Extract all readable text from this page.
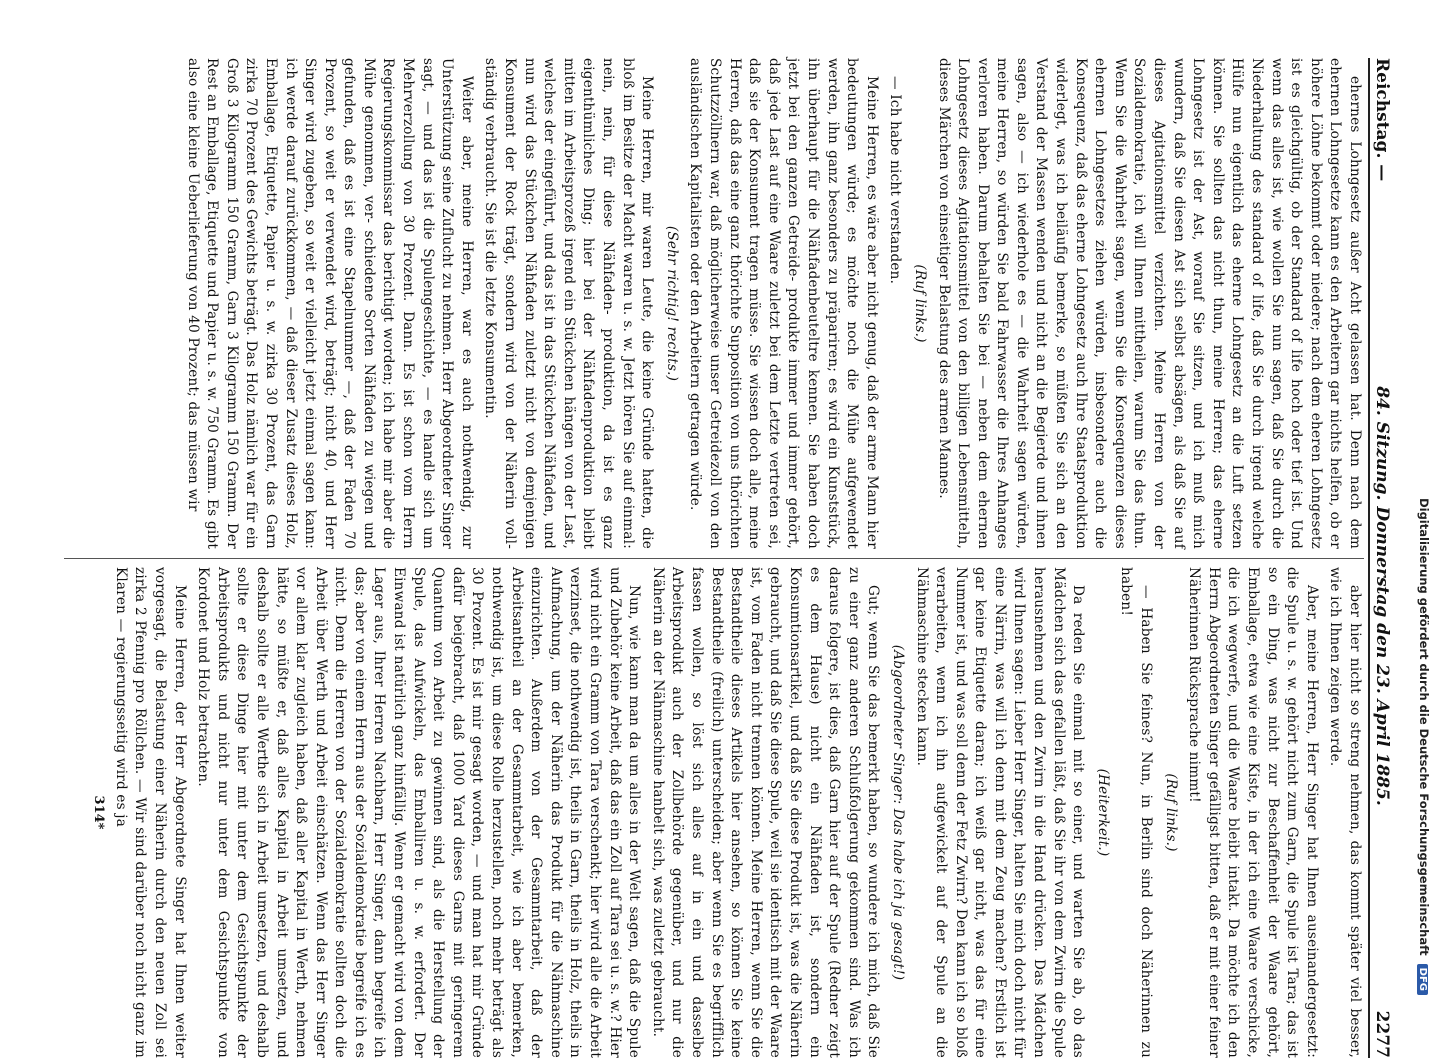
Reichstag. —
84. Sitzung. Donnerstag den 23. April 1885.
2277

ehernes Lohngesetz außer Acht gelassen hat. Denn nach dem ehernen Lohngesetze kann es den Arbeitern gar nichts helfen, ob er höhere Löhne bekommt oder niedere; nach dem eheren Lohngesetz ist es gleichgültig, ob der Standard of life hoch oder tief ist. Und wenn das alles ist, wie wollen Sie nun sagen, daß Sie durch die Niederhaltung des standard of life, daß Sie durch irgend welche Hülfe nun eigentlich das eherne Lohngesetz an die Luft setzen können. Sie sollten das nicht thun, meine Herren; das eherne Lohngesetz ist der Ast, worauf Sie sitzen, und ich muß mich wundern, daß Sie diesen Ast sich selbst absägen, als daß Sie auf dieses Agitationsmittel verzichten. Meine Herren von der Sozialdemokratie, ich will Ihnen mittheilen, warum Sie das thun. Wenn Sie die Wahrheit sagen, wenn Sie die Konsequenzen dieses ehernen Lohngesetzes ziehen würden, insbesondere auch die Konsequenz, daß das eherne Lohngesetz auch Ihre Staatsproduktion widerlegt, was ich beiläufig bemerke, so müßten Sie sich an den Verstand der Massen wenden und nicht an die Begierde und ihnen sagen, also — ich wiederhole es — die Wahrheit sagen würden, meine Herren, so würden Sie bald Fahrwasser die Ihres Anhanges verloren haben. Darum behalten Sie bei — neben dem ehernen Lohngesetz dieses Agitationsmittel von den billigen Lebensmitteln, dieses Märchen von einseitiger Belastung des armen Mannes.

(Ruf links.)

— Ich habe nicht verstanden.

Meine Herren, es wäre aber nicht genug, daß der arme Mann hier bedeutungen würde; es möchte noch die Mühe aufgewendet werden, ihn ganz besonders zu präpariren; es wird ein Kunststück, ihn überhaupt für die Nähfadenbeuteltre kennen. Sie haben doch jetzt bei den ganzen Getreide- produkte immer und immer gehört, daß jede Last auf eine Waare zuletzt bei dem Letzte vertreten sei, daß sie der Konsument tragen müsse. Sie wissen doch alle, meine Herren, daß das eine ganz thörichte Supposition von uns thörichten Schutzzöllnern war, daß möglicherweise unser Getreidezoll von den ausländischen Kapitalisten oder den Arbeitern getragen würde.

(Sehr richtig! rechts.)

Meine Herren, mir waren Leute, die keine Gründe hatten, die bloß im Besitze der Macht waren u. s. w. Jetzt hören Sie auf einmal: nein, nein, für diese Nähfaden- produktion, da ist es ganz eigenthümliches Ding; hier bei der Nähfadenproduktion bleibt mitten im Arbeitsprozeß irgend ein Stückchen hängen von der Last, welches der eingeführt, und das ist in das Stückchen Nähfaden, und nun wird das Stückchen Nähfaden zuletzt nicht von demjenigen Konsument der Rock trägt, sondern wird von der Näherin voll- ständig verbraucht. Sie ist die letzte Konsumentin.

Weiter aber, meine Herren, war es auch nothwendig, zur Unterstützung seine Zuflucht zu nehmen. Herr Abgeordneter Singer sagt, — und das ist die Spulengeschichte, — es handle sich um Mehrverzollung von 30 Prozent. Dann. Es ist schon vom Herrn Regierungskommissar das berichtigt worden; ich habe mir aber die Mühe genommen, ver- schiedene Sorten Nähfaden zu wiegen und gefunden, daß es ist eine Stapelnummer —, daß der Faden 70 Prozent, so weit er verwendet wird, beträgt; nicht 40, und Herr Singer wird zugeben, so weit er vielleicht jetzt einmal sagen kann: ich werde darauf zurückkommen, — daß dieser Zusatz dieses Holz, Emballage, Etiquette, Papier u. s. w. zirka 30 Prozent, das Garn zirka 70 Prozent des Gewichts beträgt. Das Holz nämlich war für ein Groß 3 Kilogramm 150 Gramm, Garn 3 Kilogramm 150 Gramm. Der Rest an Emballage, Etiquette und Papier u. s. w. 750 Gramm. Es gibt also eine kleine Ueberlieferung von 40 Prozent; das müssen wir

aber hier nicht so streng nehmen, das kommt später viel besser, wie ich Ihnen zeigen werde.

Aber, meine Herren, Herr Singer hat Ihnen auseinandergesetzt: die Spule u. s. w. gehört nicht zum Garn, die Spule ist Tara; das ist so ein Ding, was nicht zur Beschaffenheit der Waare gehört, Emballage, etwa wie eine Kiste, in der ich eine Waare verschicke, die ich wegwerfe, und die Waare bleibt intakt. Da möchte ich den Herrn Abgeordneten Singer gefälligst bitten, daß er mit einer feiner Näherinnen Rücksprache nimmt!

(Ruf links.)

— Haben Sie feines? Nun, in Berlin sind doch Näherinnen zu haben!

(Heiterkeit.)

Da reden Sie einmal mit so einer, und warten Sie ab, ob das Mädchen sich das gefallen läßt, daß Sie ihr von dem Zwirn die Spule herausnehmen und den Zwirn in die Hand drücken. Das Mädchen wird Ihnen sagen: Lieber Herr Singer, halten Sie mich doch nicht für eine Närrin, was will ich denn mit dem Zeug machen? Erstlich ist gar keine Etiquette daran; ich weiß gar nicht, was das für eine Nummer ist, und was soll denn der Fetz Zwirn? Den kann ich so bloß verarbeiten, wenn ich ihn aufgewickelt auf der Spule an die Nähmaschine stecken kann.

(Abgeordneter Singer: Das habe ich ja gesagt!)

Gut; wenn Sie das bemerkt haben, so wundere ich mich, daß Sie zu einer ganz anderen Schlußfolgerung gekommen sind. Was ich daraus folgere, ist dies, daß Garn hier auf der Spule (Redner zeigt es dem Hause) nicht ein Nähfaden ist, sondern ein Konsumtionsartikel, und daß Sie diese Produkt ist, was die Näherin gebraucht, und daß Sie diese Spule, weil sie identisch mit der Waare ist, vom Faden nicht trennen können. Meine Herren, wenn Sie die Bestandtheile dieses Artikels hier ansehen, so können Sie keine Bestandtheile (freilich) unterscheiden; aber wenn Sie es begrifflich fassen wollen, so löst sich alles auf in ein und dasselbe Arbeitsprodukt auch der Zollbehörde gegenüber, und nur die Näherin an der Nähmaschine hanbelt sich, was zuletzt gebraucht.

Nun, wie kann man da um alles in der Welt sagen, daß die Spule und Zubehör keine Arbeit, daß das ein Zoll auf Tara sei u. s. w.? Hier wird nicht ein Gramm von Tara verschenkt; hier wird alle die Arbeit verzinset, die nothwendig ist, theils in Garn, theils in Holz, theils in Aufmachung, um der Näherin das Produkt für die Nähmaschine einzurichten. Außerdem von der Gesammtarbeit, daß der Arbeitsantheil an der Gesammtarbeit, wie ich aber bemerken, nothwendig ist, um diese Rolle herzustellen, noch mehr beträgt als 30 Prozent. Es ist mir gesagt worden, — und man hat mir Gründe dafür beigebracht, daß 1000 Yard dieses Garns mit geringerem Quantum von Arbeit zu gewinnen sind, als die Herstellung der Spule, das Aufwickeln, das Emballiren u. s. w. erfordert. Der Einwand ist natürlich ganz hinfällig. Wenn er gemacht wird von dem Lager aus, Ihrer Herren Nachbarn, Herr Singer, dann begreife ich das; aber von einem Herrn aus der Sozialdemokratie begreife ich es nicht. Denn die Herren von der Sozialdemokratie sollten doch die Arbeit über Werth und Arbeit einschätzen. Wenn das Herr Singer vor allem klar zugleich haben, daß aller Kapital in Werth, nehmen hätte, so müßte er, daß alles Kapital in Arbeit umsetzen, und deshalb sollte er alle Werthe sich in Arbeit umsetzen, und deshalb sollte er diese Dinge hier mit unter dem Gesichtspunkte der Arbeitsprodukts und nicht nur unter dem Gesichtspunkte von Kordonet und Holz betrachten.

Meine Herren, der Herr Abgeordnete Singer hat Ihnen weiter vorgesagt, die Belastung einer Näherin durch den neuen Zoll sei zirka 2 Pfennig pro Röllchen. — Wir sind darüber noch nicht ganz im Klaren — regierungsseitig wird es ja

314*	Digitalisierung gefördert durch die Deutsche Forschungsgemeinschaft DFG
